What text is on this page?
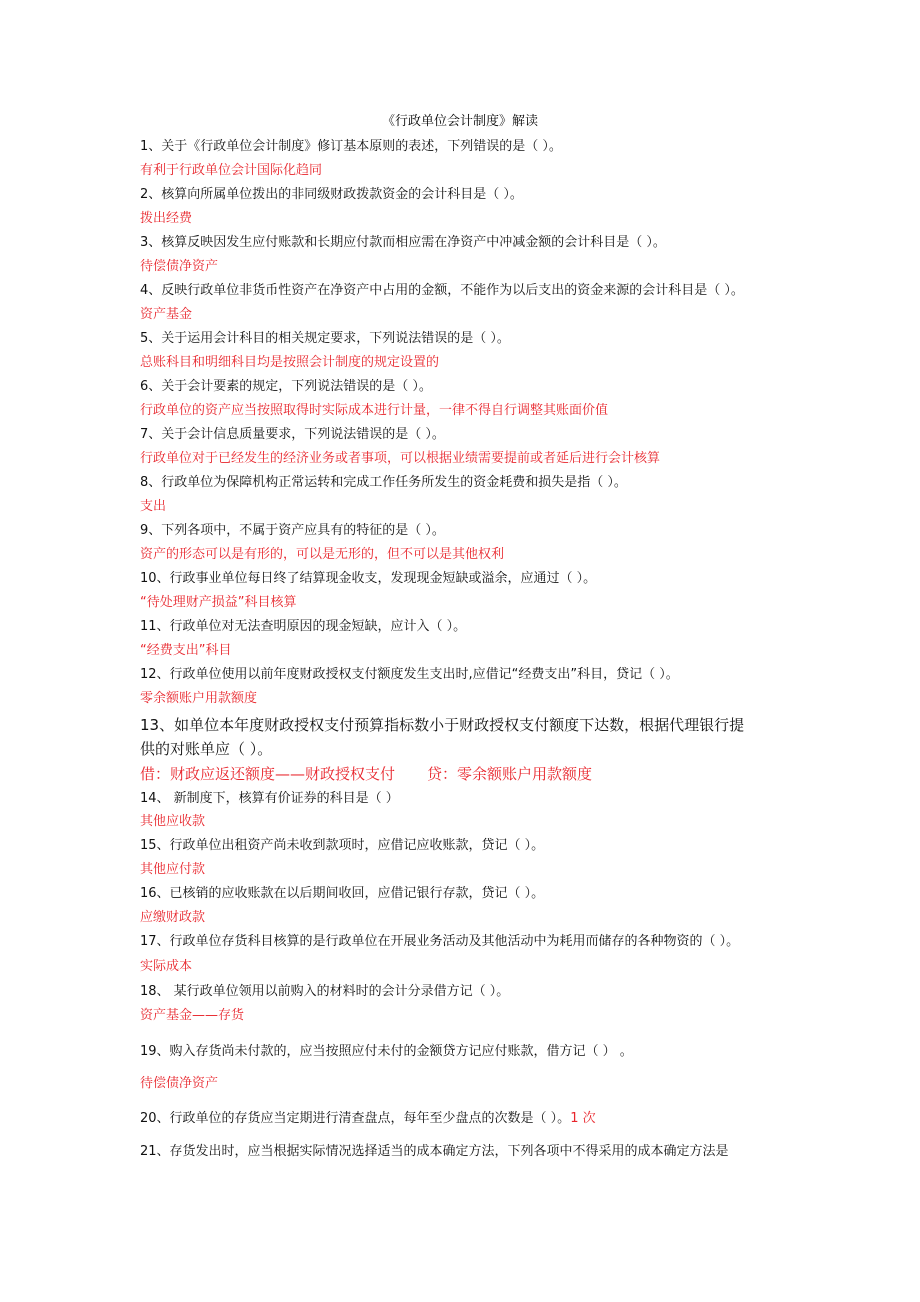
《行政单位会计制度》解读
1、关于《行政单位会计制度》修订基本原则的表述，下列错误的是（ ）。
有利于行政单位会计国际化趋同
2、核算向所属单位拨出的非同级财政拨款资金的会计科目是（ ）。
拨出经费
3、核算反映因发生应付账款和长期应付款而相应需在净资产中冲减金额的会计科目是（ ）。
待偿债净资产
4、反映行政单位非货币性资产在净资产中占用的金额，不能作为以后支出的资金来源的会计科目是（ ）。
资产基金
5、关于运用会计科目的相关规定要求，下列说法错误的是（ ）。
总账科目和明细科目均是按照会计制度的规定设置的
6、关于会计要素的规定，下列说法错误的是（ ）。
行政单位的资产应当按照取得时实际成本进行计量，一律不得自行调整其账面价值
7、关于会计信息质量要求，下列说法错误的是（ ）。
行政单位对于已经发生的经济业务或者事项，可以根据业绩需要提前或者延后进行会计核算
8、行政单位为保障机构正常运转和完成工作任务所发生的资金耗费和损失是指（ ）。
支出
9、下列各项中，不属于资产应具有的特征的是（ ）。
资产的形态可以是有形的，可以是无形的，但不可以是其他权利
10、行政事业单位每日终了结算现金收支，发现现金短缺或溢余，应通过（ ）。
“待处理财产损益”科目核算
11、行政单位对无法查明原因的现金短缺，应计入（ ）。
“经费支出”科目
12、行政单位使用以前年度财政授权支付额度发生支出时,应借记“经费支出”科目，贷记（ ）。
零余额账户用款额度
13、如单位本年度财政授权支付预算指标数小于财政授权支付额度下达数，根据代理银行提
供的对账单应（ ）。
借：财政应返还额度——财政授权支付 贷：零余额账户用款额度
14、 新制度下，核算有价证券的科目是（ ）
其他应收款
15、行政单位出租资产尚未收到款项时，应借记应收账款，贷记（ ）。
其他应付款
16、已核销的应收账款在以后期间收回，应借记银行存款，贷记（ ）。
应缴财政款
17、行政单位存货科目核算的是行政单位在开展业务活动及其他活动中为耗用而储存的各种物资的（ ）。
实际成本
18、 某行政单位领用以前购入的材料时的会计分录借方记（ ）。
资产基金——存货
19、购入存货尚未付款的，应当按照应付未付的金额贷方记应付账款，借方记（ ） 。
待偿债净资产
20、行政单位的存货应当定期进行清查盘点，每年至少盘点的次数是（ ）。1 次
21、存货发出时，应当根据实际情况选择适当的成本确定方法，下列各项中不得采用的成本确定方法是
